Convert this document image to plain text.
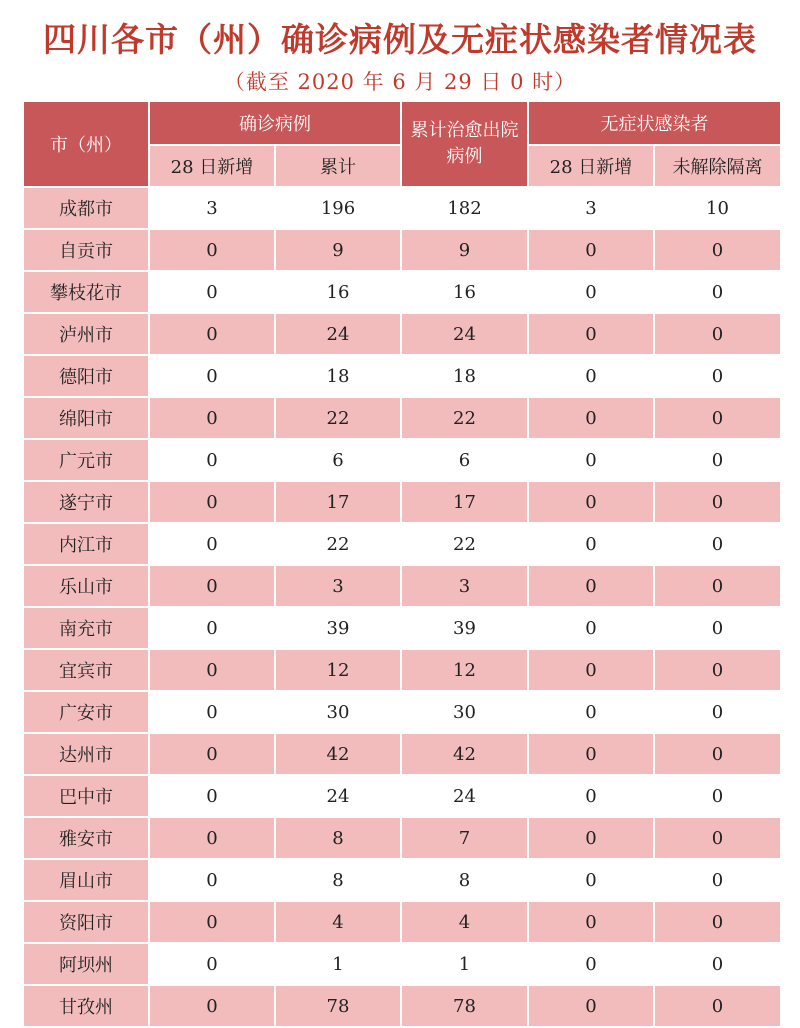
四川各市（州）确诊病例及无症状感染者情况表
（截至 2020 年 6 月 29 日 0 时）
市（州）	确诊病例		累计治愈出院病例	无症状感染者	
	28 日新增	累计		28 日新增	未解除隔离
成都市	3	196	182	3	10
自贡市	0	9	9	0	0
攀枝花市	0	16	16	0	0
泸州市	0	24	24	0	0
德阳市	0	18	18	0	0
绵阳市	0	22	22	0	0
广元市	0	6	6	0	0
遂宁市	0	17	17	0	0
内江市	0	22	22	0	0
乐山市	0	3	3	0	0
南充市	0	39	39	0	0
宜宾市	0	12	12	0	0
广安市	0	30	30	0	0
达州市	0	42	42	0	0
巴中市	0	24	24	0	0
雅安市	0	8	7	0	0
眉山市	0	8	8	0	0
资阳市	0	4	4	0	0
阿坝州	0	1	1	0	0
甘孜州	0	78	78	0	0
